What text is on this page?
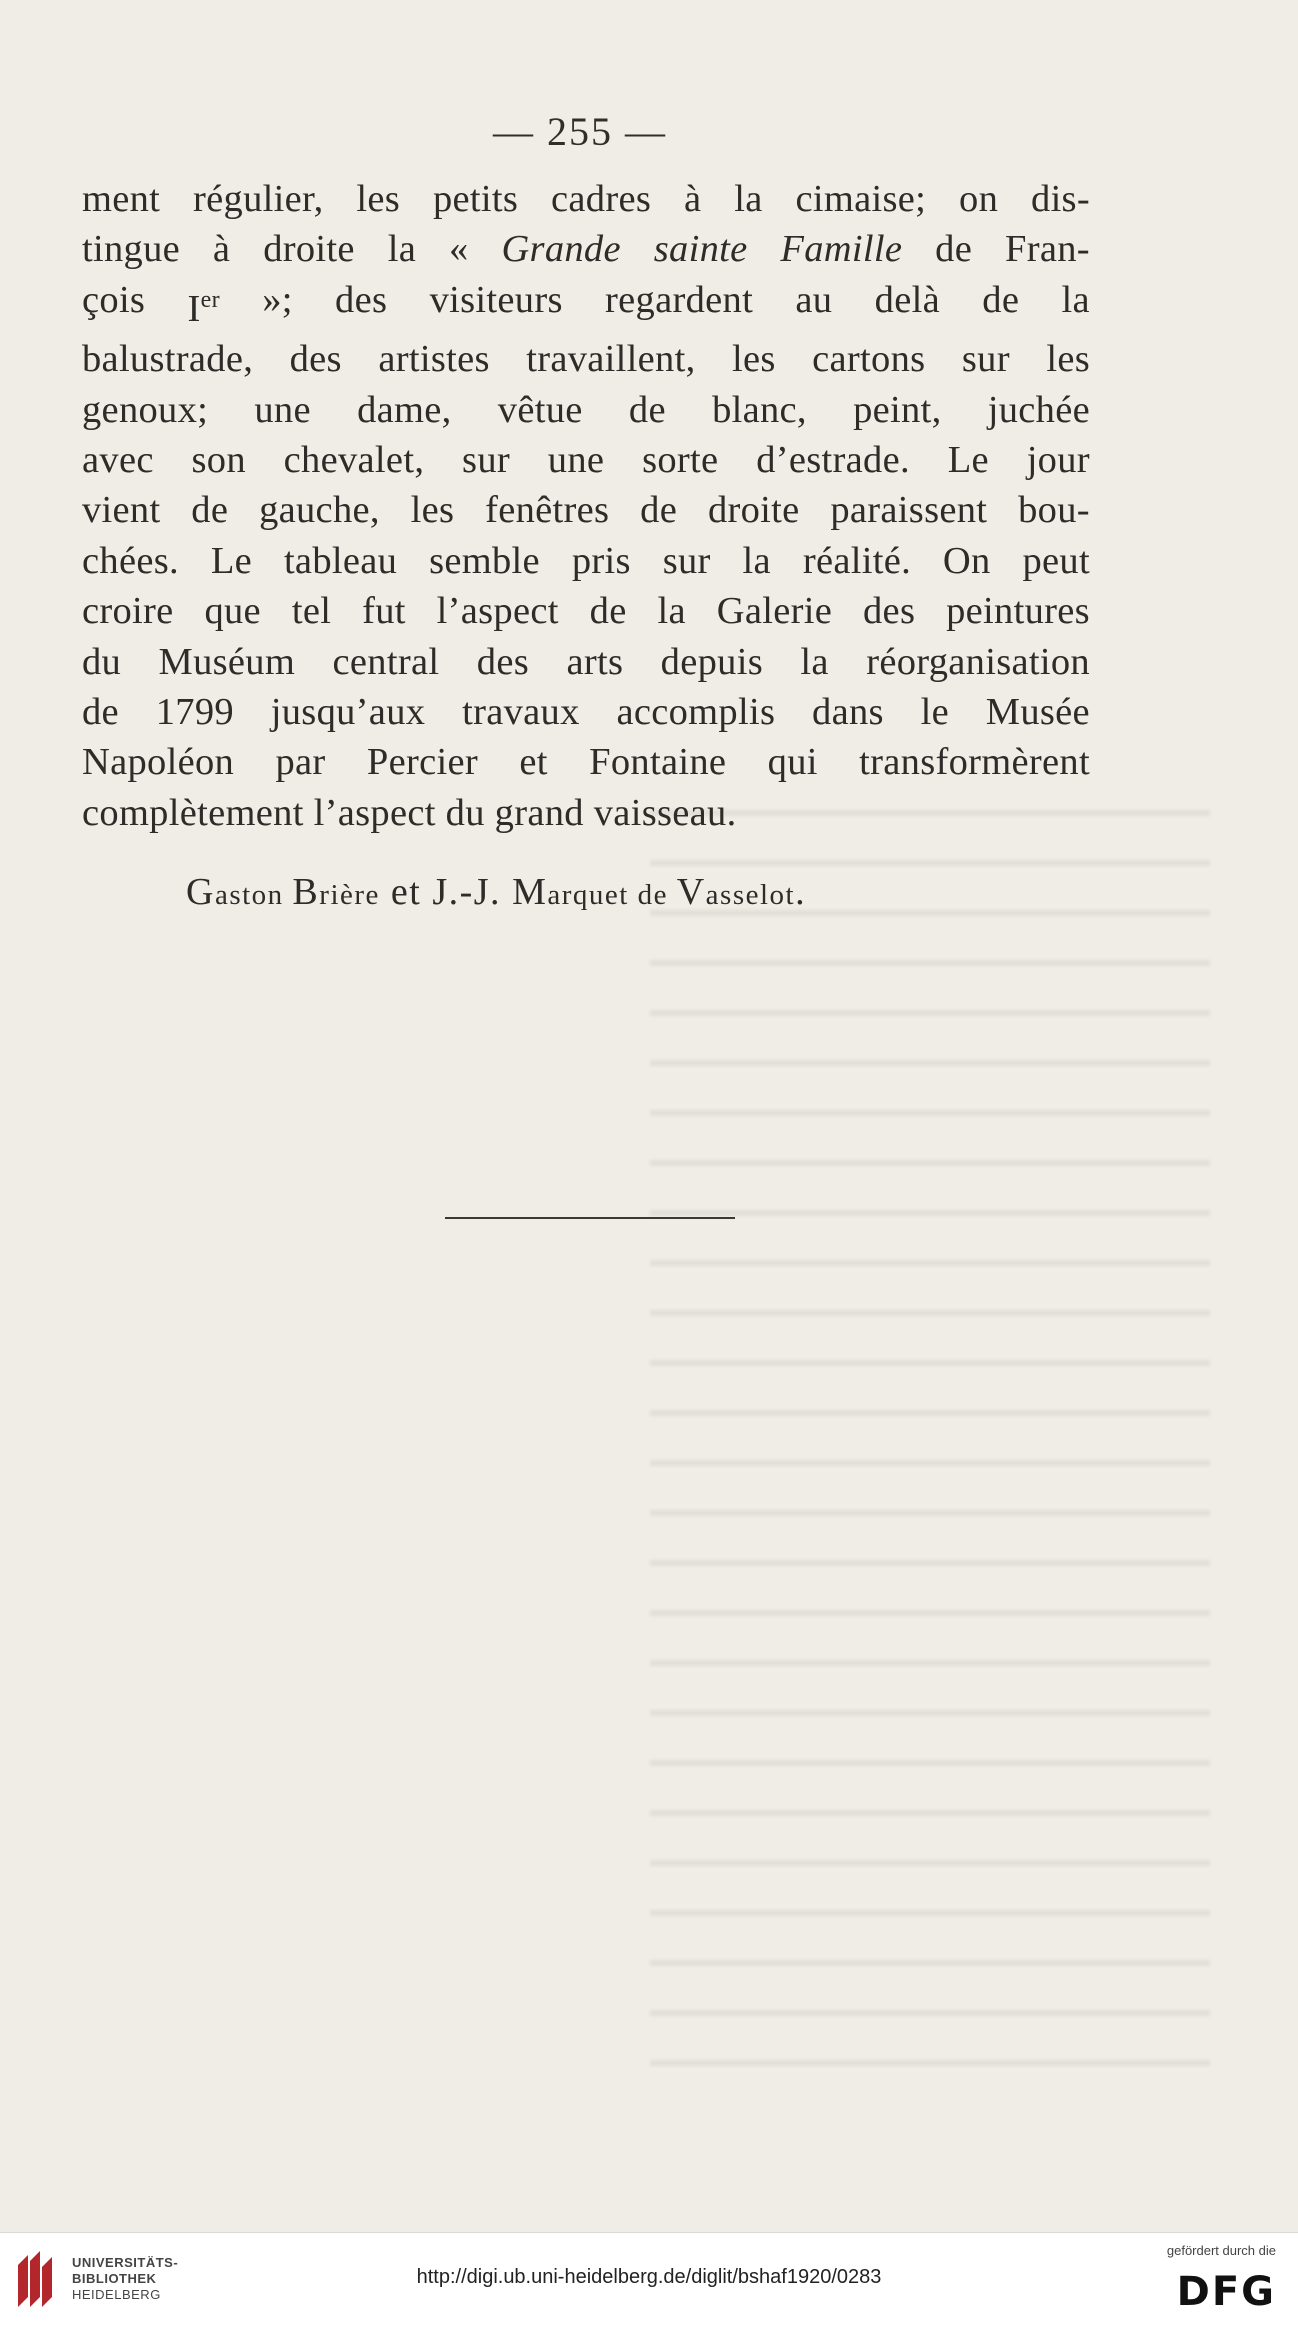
— 255 —
ment régulier, les petits cadres à la cimaise; on dis-
tingue à droite la « Grande sainte Famille de Fran-
çois Ier »; des visiteurs regardent au delà de la
balustrade, des artistes travaillent, les cartons sur les
genoux; une dame, vêtue de blanc, peint, juchée
avec son chevalet, sur une sorte d’estrade. Le jour
vient de gauche, les fenêtres de droite paraissent bou-
chées. Le tableau semble pris sur la réalité. On peut
croire que tel fut l’aspect de la Galerie des peintures
du Muséum central des arts depuis la réorganisation
de 1799 jusqu’aux travaux accomplis dans le Musée
Napoléon par Percier et Fontaine qui transformèrent
complètement l’aspect du grand vaisseau.
Gaston Brière et J.-J. Marquet de Vasselot.
UNIVERSITÄTS-
BIBLIOTHEK
HEIDELBERG
http://digi.ub.uni-heidelberg.de/diglit/bshaf1920/0283
gefördert durch die
DFG
